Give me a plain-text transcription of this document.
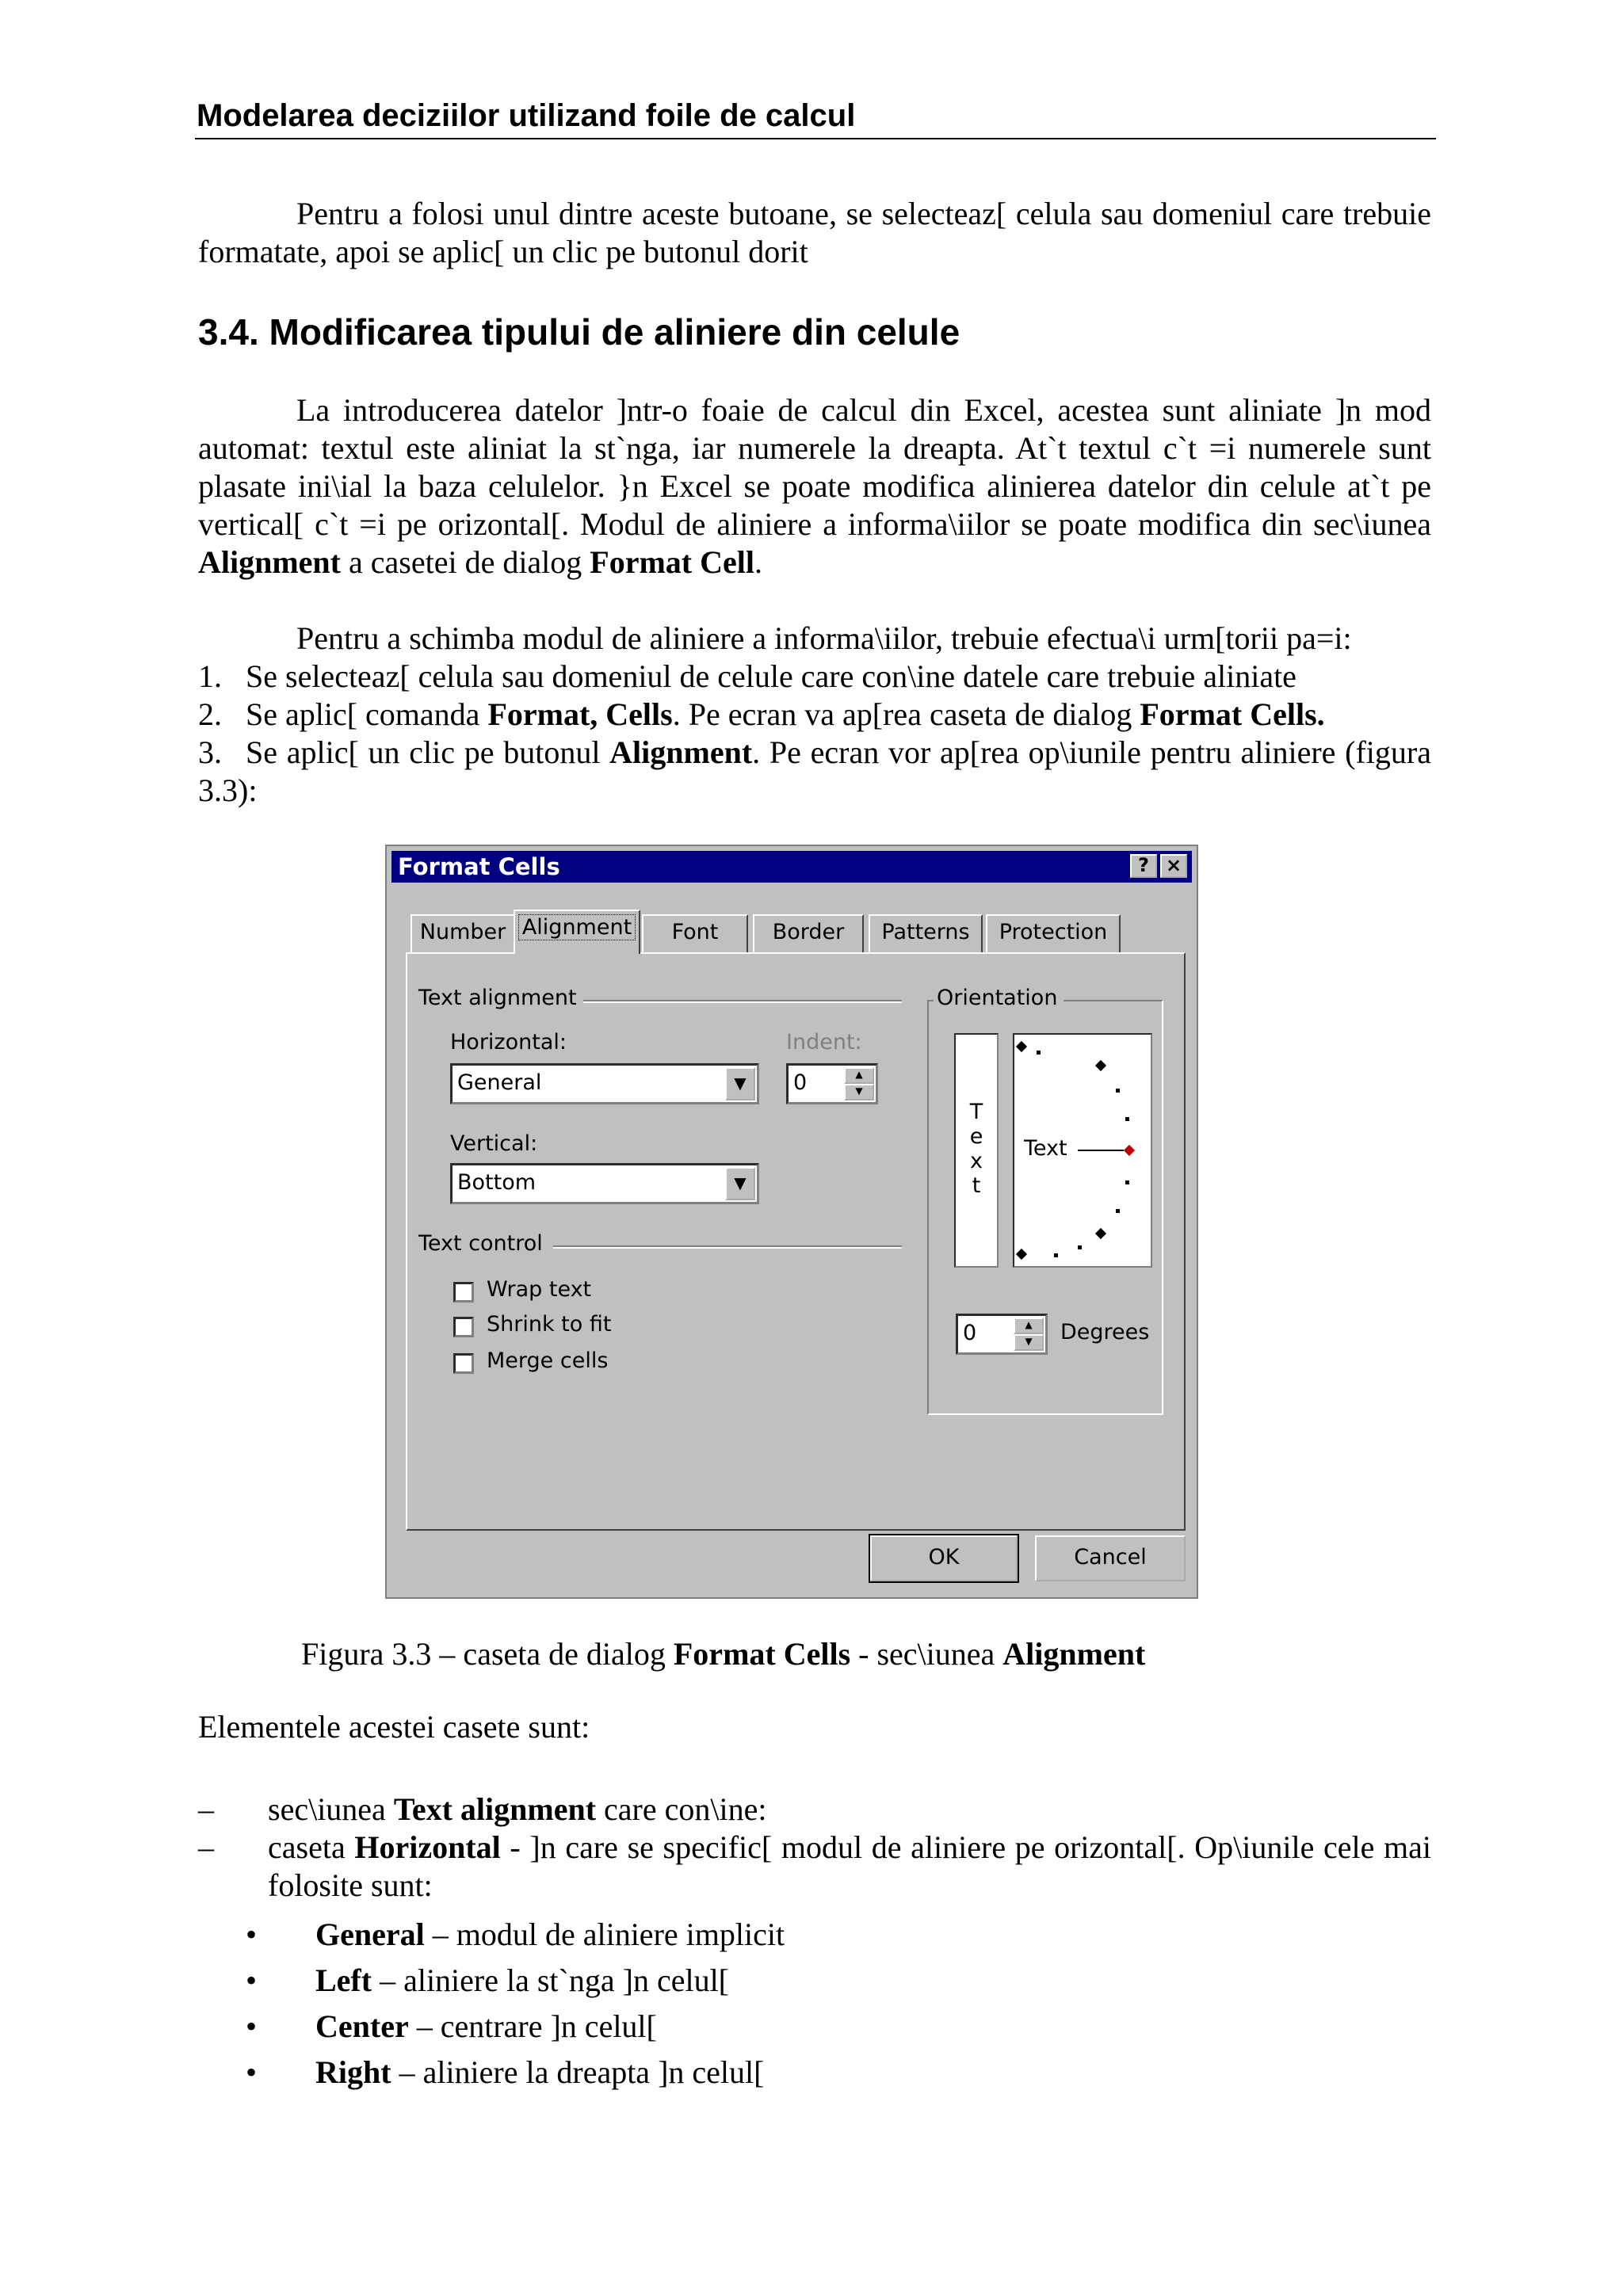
Modelarea deciziilor utilizand foile de calcul
Pentru a folosi unul dintre aceste butoane, se selecteaz[ celula sau domeniul care trebuie formatate, apoi se aplic[ un clic pe butonul dorit
3.4. Modificarea tipului de aliniere din celule
La introducerea datelor ]ntr-o foaie de calcul din Excel, acestea sunt aliniate ]n mod automat: textul este aliniat la st`nga, iar numerele la dreapta. At`t textul c`t =i numerele sunt plasate ini\ial la baza celulelor. }n Excel se poate modifica alinierea datelor din celule at`t pe vertical[ c`t =i pe orizontal[. Modul de aliniere a informa\iilor se poate modifica din sec\iunea Alignment a casetei de dialog Format Cell.
Pentru a schimba modul de aliniere a informa\iilor, trebuie efectua\i urm[torii pa=i:
1. Se selecteaz[ celula sau domeniul de celule care con\ine datele care trebuie aliniate
2. Se aplic[ comanda Format, Cells. Pe ecran va ap[rea caseta de dialog Format Cells.
3. Se aplic[ un clic pe butonul Alignment. Pe ecran vor ap[rea op\iunile pentru aliniere (figura 3.3):
Format Cells	? ×
Number Alignment	Font	Border	Patterns	Protection
Text alignment
Horizontal:
General	▼
Indent:
0	▲
▼
Vertical:
Bottom	▼
Text control
Wrap text
Shrink to fit
Merge cells
Orientation
T
e
x
t
Text
0	▲
▼	Degrees
OK	Cancel
Figura 3.3 – caseta de dialog Format Cells - sec\iunea Alignment
Elementele acestei casete sunt:
– sec\iunea Text alignment care con\ine:
– caseta Horizontal - ]n care se specific[ modul de aliniere pe orizontal[. Op\iunile cele mai folosite sunt:
• General – modul de aliniere implicit
• Left – aliniere la st`nga ]n celul[
• Center – centrare ]n celul[
• Right – aliniere la dreapta ]n celul[
